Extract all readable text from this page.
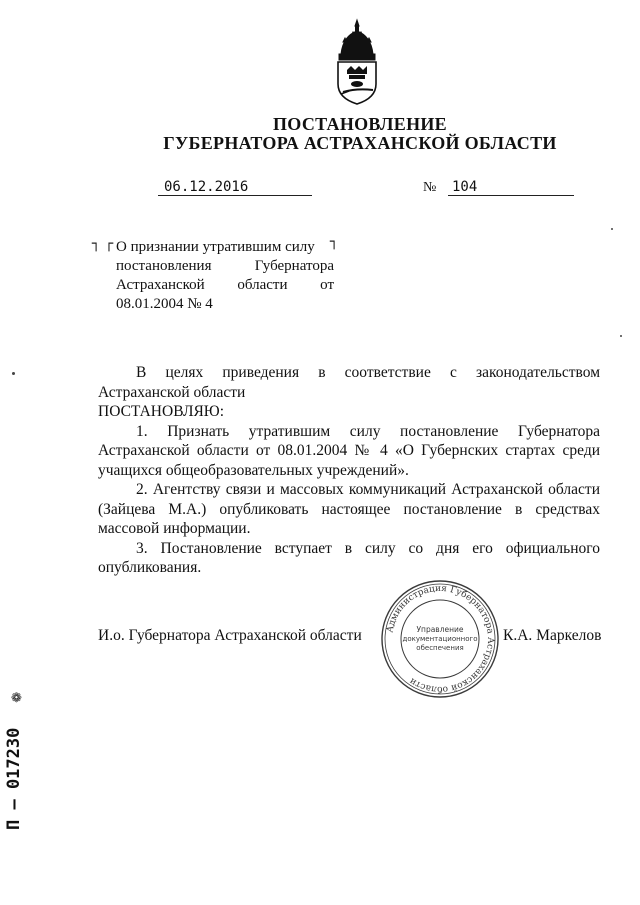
ПОСТАНОВЛЕНИЕ
ГУБЕРНАТОРА АСТРАХАНСКОЙ ОБЛАСТИ
06.12.2016	№ 104
┐ ┌	┐
О признании утратившим силу
постановления	Губернатора
Астраханской области от
08.01.2004 № 4

В целях приведения в соответствие с законодательством Астраханской области

ПОСТАНОВЛЯЮ:

1. Признать утратившим силу постановление Губернатора Астраханской области от 08.01.2004 № 4 «О Губернских стартах среди учащихся общеобразовательных учреждений».

2. Агентству связи и массовых коммуникаций Астраханской области (Зайцева М.А.) опубликовать настоящее постановление в средствах массовой информации.

3. Постановление вступает в силу со дня его официального опубликования.

И.о. Губернатора Астраханской области	Администрация Губернатора Астраханской области
Управление
документационного
обеспечения
К.А. Маркелов
❁
П – 017230
